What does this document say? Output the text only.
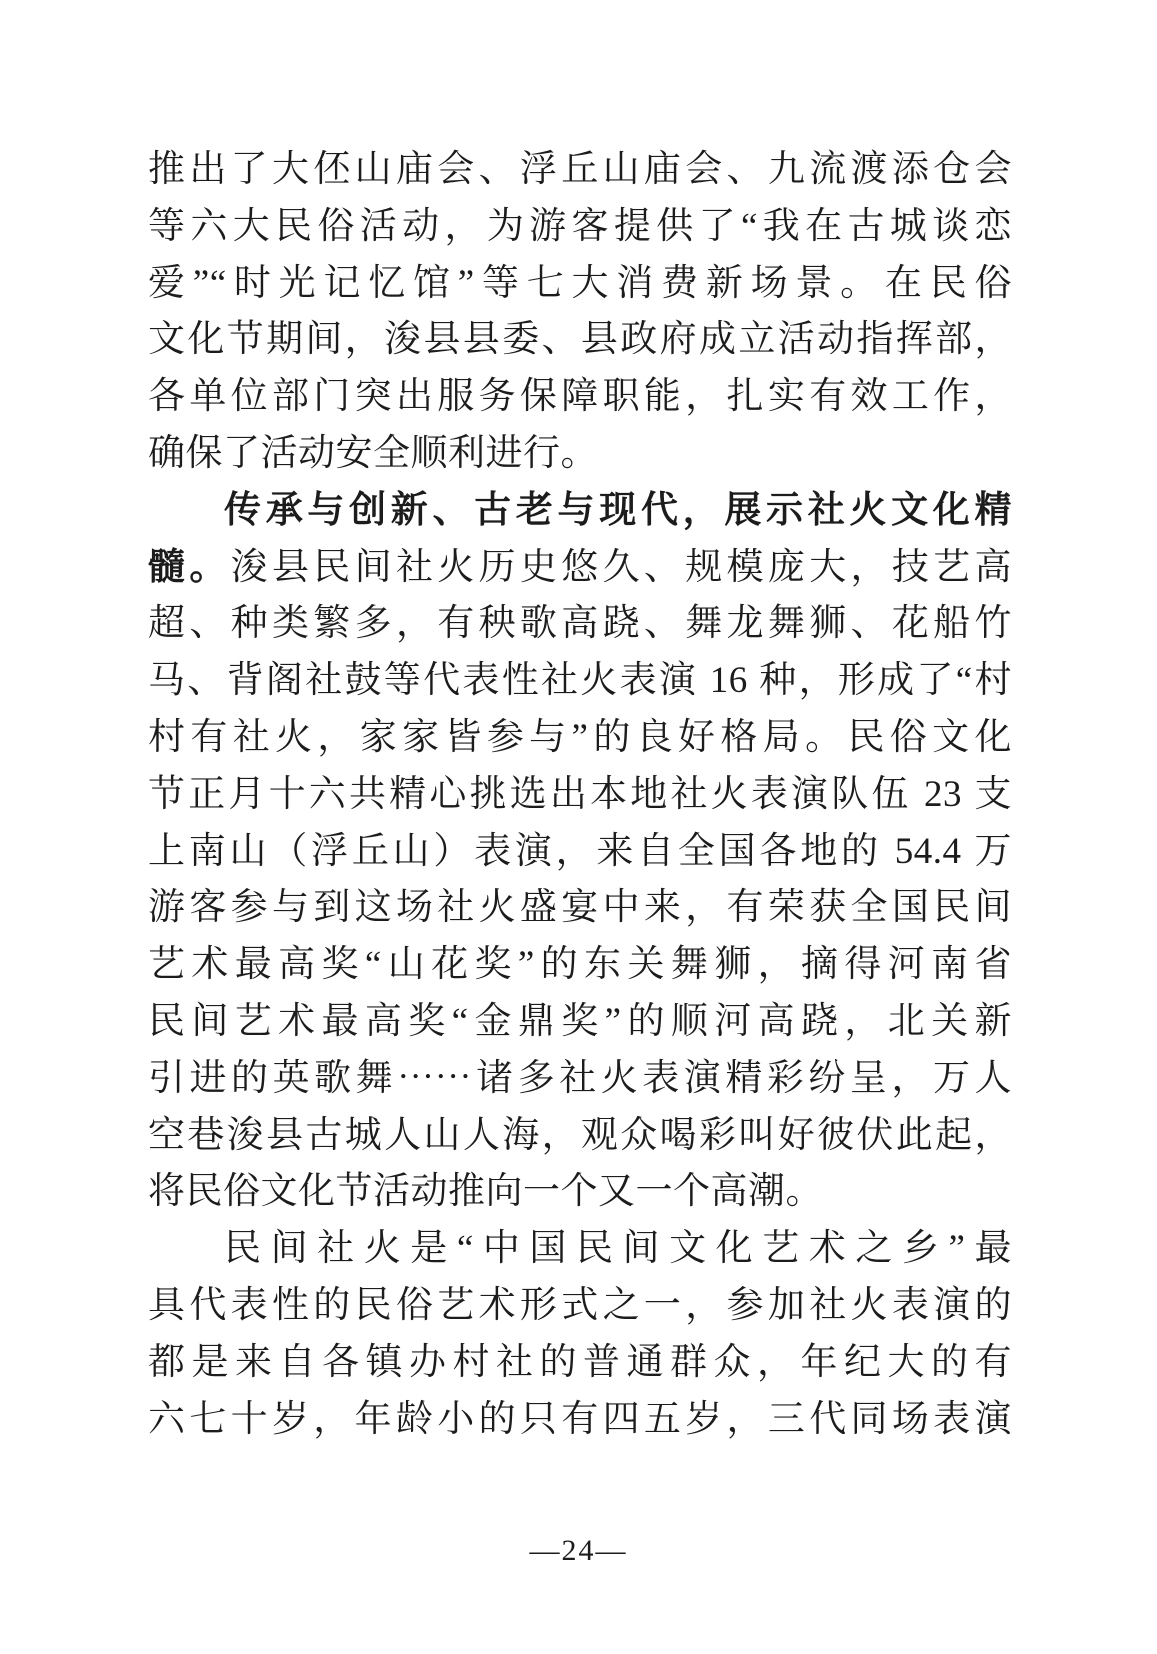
推出了大伾山庙会、浮丘山庙会、九流渡添仓会
等六大民俗活动，为游客提供了“我在古城谈恋
爱”“时光记忆馆”等七大消费新场景。在民俗
文化节期间，浚县县委、县政府成立活动指挥部，
各单位部门突出服务保障职能，扎实有效工作，
确保了活动安全顺利进行。
传承与创新、古老与现代，展示社火文化精
髓。浚县民间社火历史悠久、规模庞大，技艺高
超、种类繁多，有秧歌高跷、舞龙舞狮、花船竹
马、背阁社鼓等代表性社火表演 16 种，形成了“村
村有社火，家家皆参与”的良好格局。民俗文化
节正月十六共精心挑选出本地社火表演队伍 23 支
上南山（浮丘山）表演，来自全国各地的 54.4 万
游客参与到这场社火盛宴中来，有荣获全国民间
艺术最高奖“山花奖”的东关舞狮，摘得河南省
民间艺术最高奖“金鼎奖”的顺河高跷，北关新
引进的英歌舞⋯⋯诸多社火表演精彩纷呈，万人
空巷浚县古城人山人海，观众喝彩叫好彼伏此起，
将民俗文化节活动推向一个又一个高潮。
民间社火是“中国民间文化艺术之乡”最
具代表性的民俗艺术形式之一，参加社火表演的
都是来自各镇办村社的普通群众，年纪大的有
六七十岁，年龄小的只有四五岁，三代同场表演
—24—
